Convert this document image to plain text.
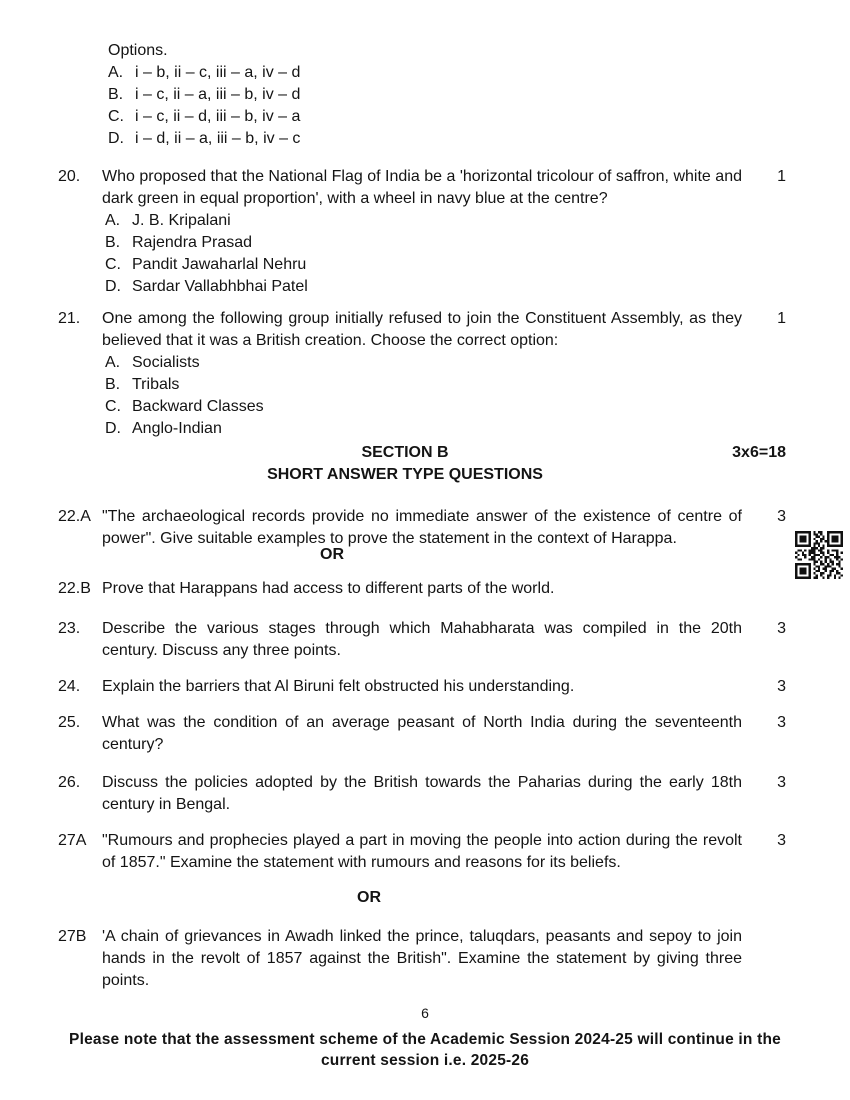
Options.
A. i – b, ii – c, iii – a, iv – d
B. i – c, ii – a, iii – b, iv – d
C. i – c, ii – d, iii – b, iv – a
D. i – d, ii – a, iii – b, iv – c
20.	Who proposed that the National Flag of India be a 'horizontal tricolour of saffron, white and dark green in equal proportion', with a wheel in navy blue at the centre?
A. J. B. Kripalani
B. Rajendra Prasad
C. Pandit Jawaharlal Nehru
D. Sardar Vallabhbhai Patel
1
21.	One among the following group initially refused to join the Constituent Assembly, as they believed that it was a British creation. Choose the correct option:
A. Socialists
B. Tribals
C. Backward Classes
D. Anglo-Indian
1
SECTION B
SHORT ANSWER TYPE QUESTIONS
3x6=18
22.A "The archaeological records provide no immediate answer of the existence of centre of power". Give suitable examples to prove the statement in the context of Harappa.
3
OR
22.B Prove that Harappans had access to different parts of the world.
23.	Describe the various stages through which Mahabharata was compiled in the 20th century. Discuss any three points.
3
24.	Explain the barriers that Al Biruni felt obstructed his understanding.	3
25.	What was the condition of an average peasant of North India during the seventeenth century?
3
26.	Discuss the policies adopted by the British towards the Paharias during the early 18th century in Bengal.
3
27A "Rumours and prophecies played a part in moving the people into action during the revolt of 1857." Examine the statement with rumours and reasons for its beliefs.
3
OR
27B 'A chain of grievances in Awadh linked the prince, taluqdars, peasants and sepoy to join hands in the revolt of 1857 against the British". Examine the statement by giving three points.
6
Please note that the assessment scheme of the Academic Session 2024-25 will continue in the current session i.e. 2025-26
